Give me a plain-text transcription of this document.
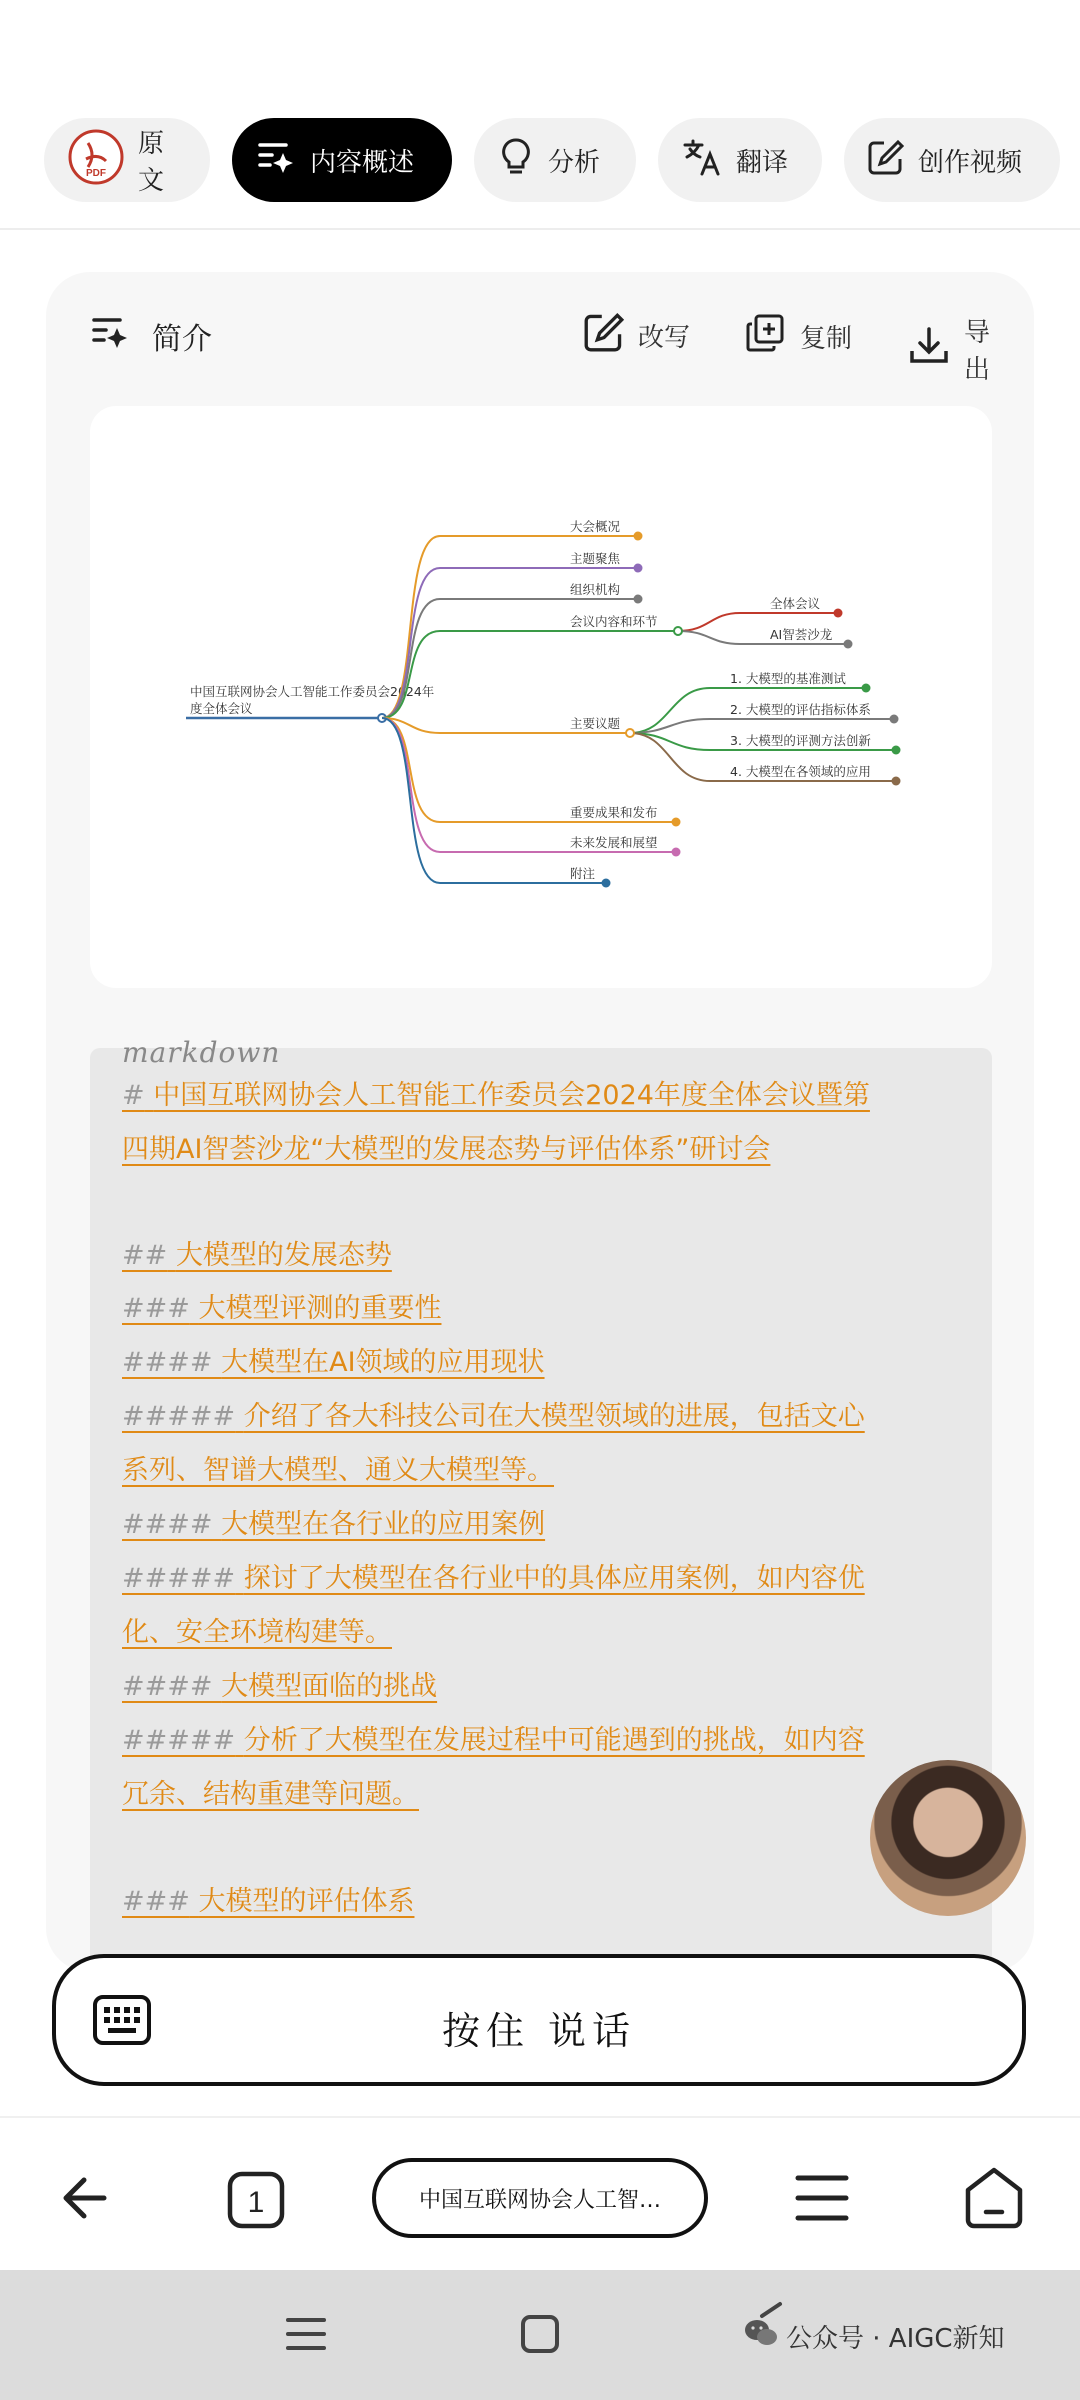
PDF
原文
内容概述	分析	翻译	创作视频
简介	改写	复制	导出
中国互联网协会人工智能工作委员会2024年
度全体会议
大会概况
主题聚焦
组织机构
会议内容和环节
主要议题
重要成果和发布
未来发展和展望
附注
全体会议
AI智荟沙龙
1. 大模型的基准测试
2. 大模型的评估指标体系
3. 大模型的评测方法创新
4. 大模型在各领域的应用
# 中国互联网协会人工智能工作委员会2024年度全体会议暨第
四期AI智荟沙龙“大模型的发展态势与评估体系”研讨会
## 大模型的发展态势
### 大模型评测的重要性
#### 大模型在AI领域的应用现状
##### 介绍了各大科技公司在大模型领域的进展，包括文心
系列、智谱大模型、通义大模型等。
#### 大模型在各行业的应用案例
##### 探讨了大模型在各行业中的具体应用案例，如内容优
化、安全环境构建等。
#### 大模型面临的挑战
##### 分析了大模型在发展过程中可能遇到的挑战，如内容
冗余、结构重建等问题。
### 大模型的评估体系
markdown
按住 说话
1	中国互联网协会人工智…
公众号 · AIGC新知
